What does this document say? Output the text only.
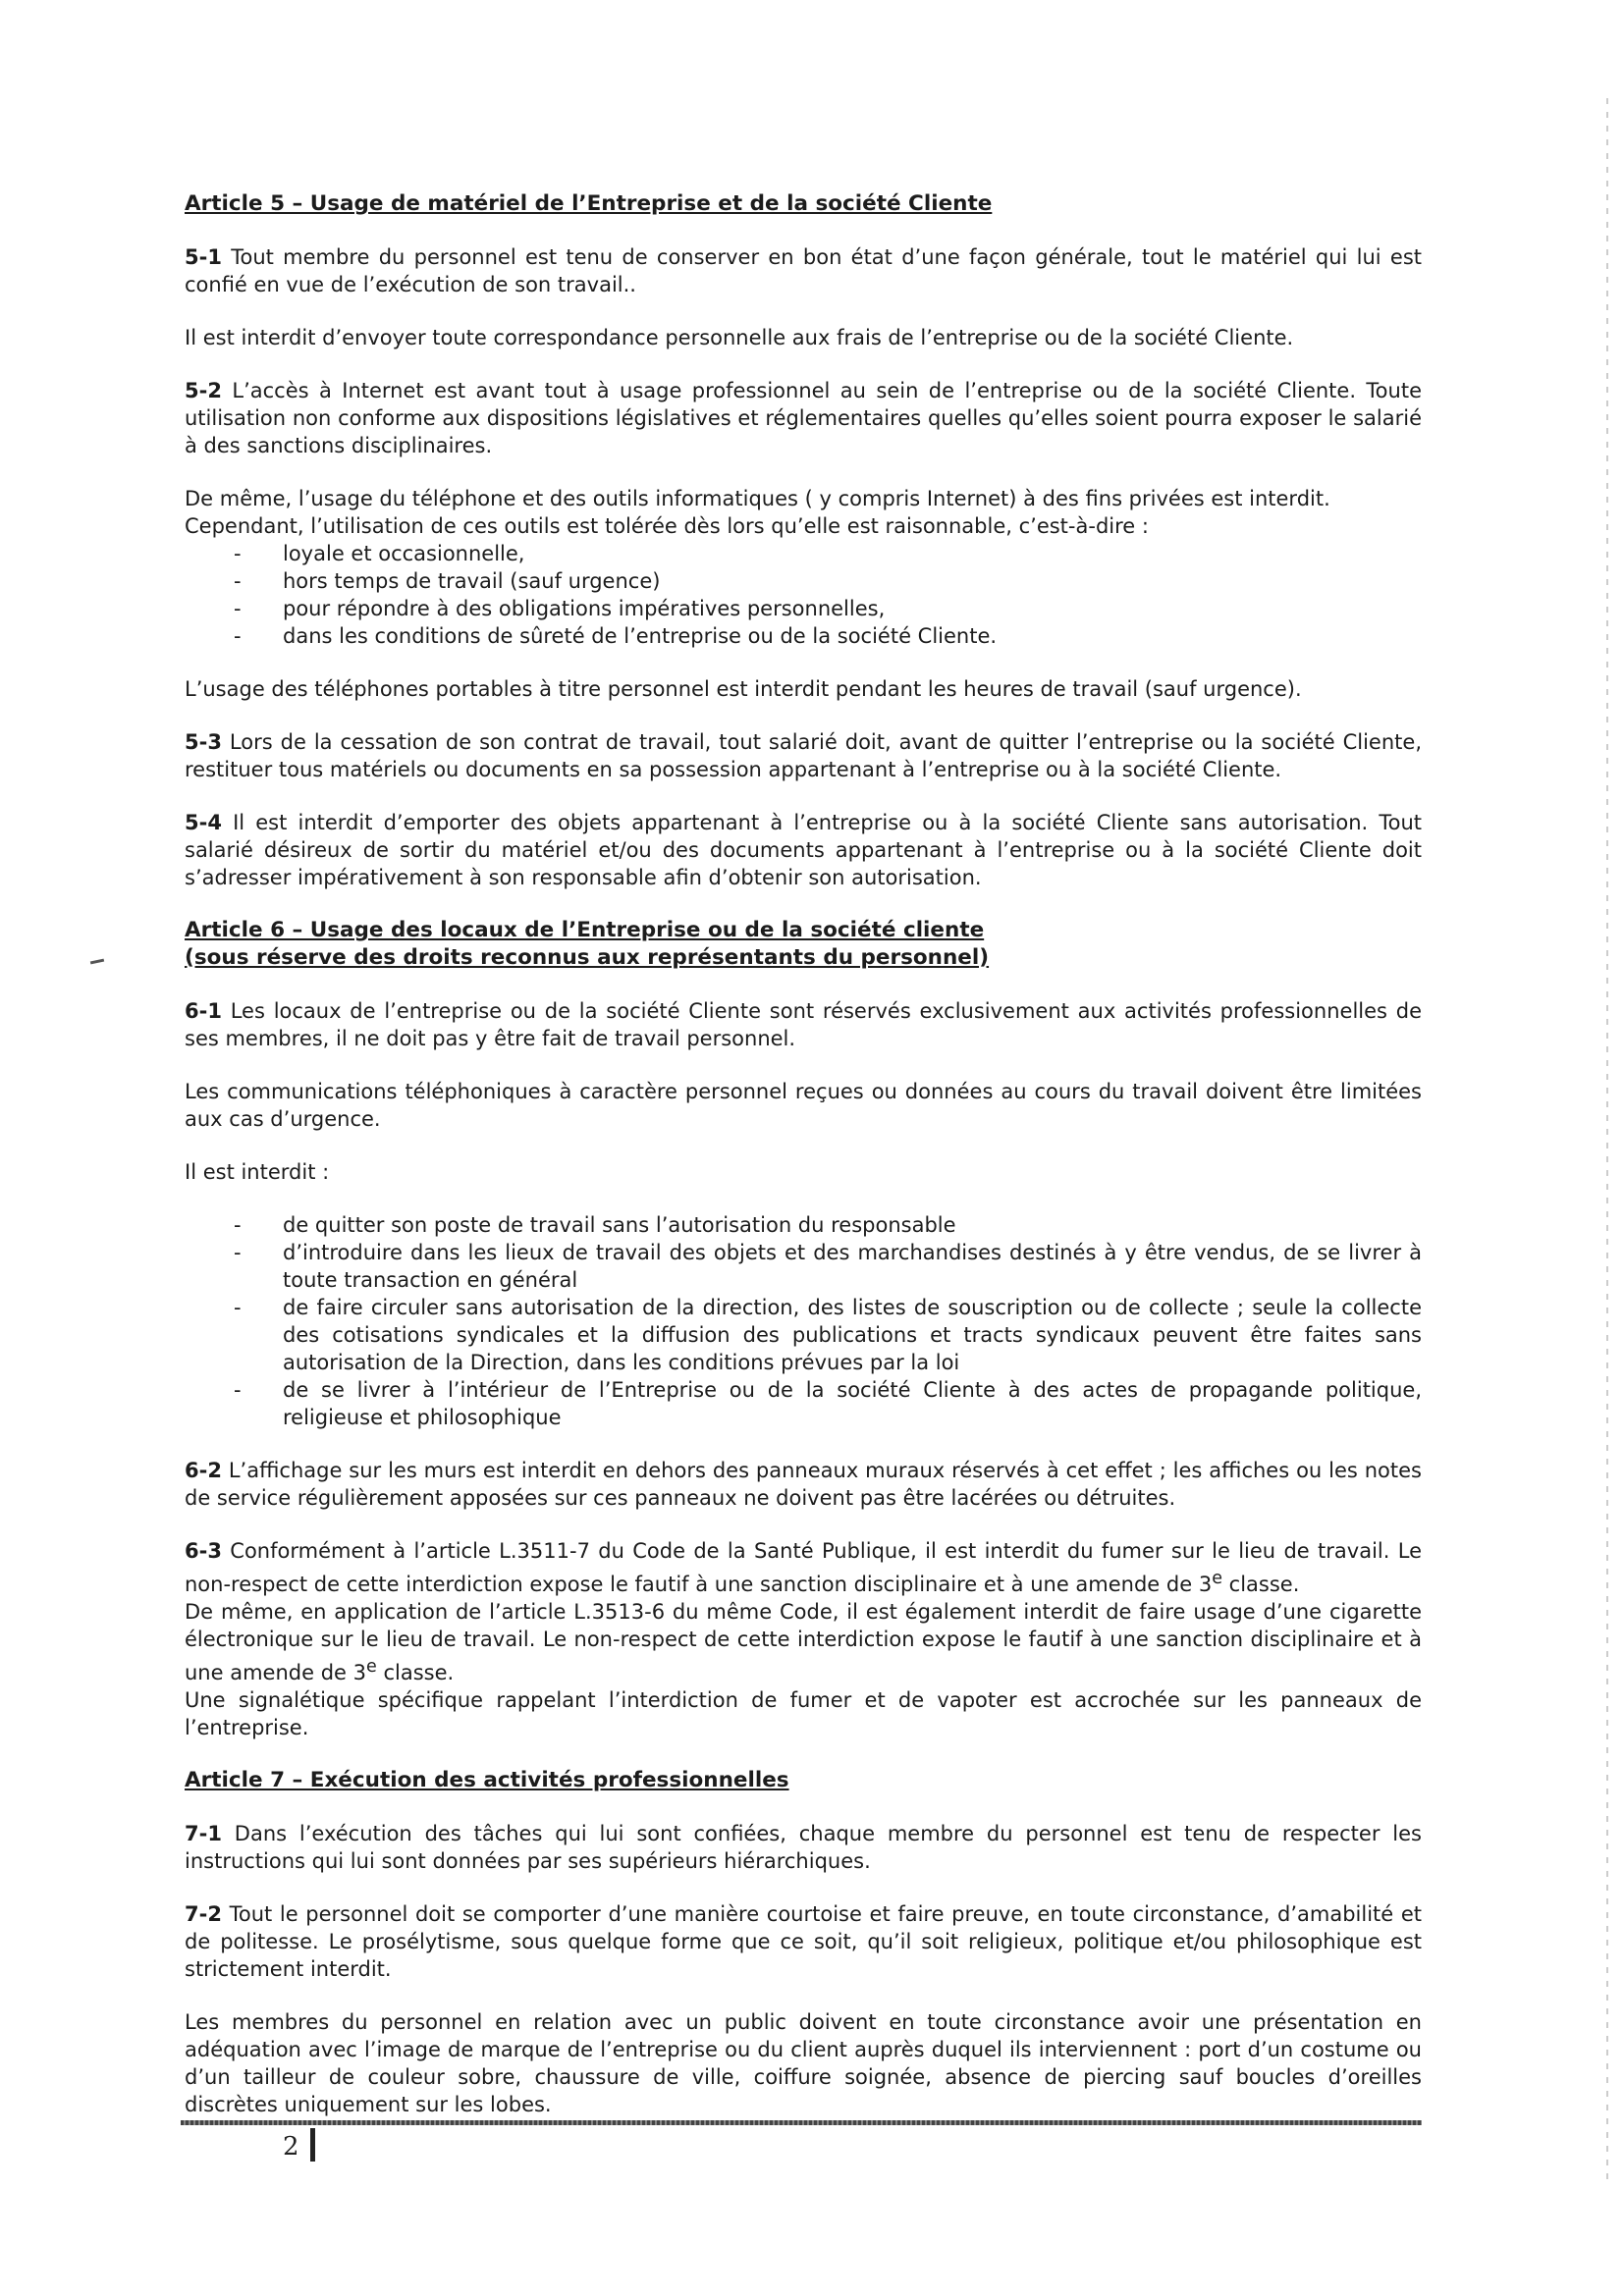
Article 5 – Usage de matériel de l’Entreprise et de la société Cliente

5-1 Tout membre du personnel est tenu de conserver en bon état d’une façon générale, tout le matériel qui lui est confié en vue de l’exécution de son travail..

Il est interdit d’envoyer toute correspondance personnelle aux frais de l’entreprise ou de la société Cliente.

5-2 L’accès à Internet est avant tout à usage professionnel au sein de l’entreprise ou de la société Cliente. Toute utilisation non conforme aux dispositions législatives et réglementaires quelles qu’elles soient pourra exposer le salarié à des sanctions disciplinaires.

De même, l’usage du téléphone et des outils informatiques ( y compris Internet) à des fins privées est interdit.
Cependant, l’utilisation de ces outils est tolérée dès lors qu’elle est raisonnable, c’est-à-dire :
- loyale et occasionnelle,
- hors temps de travail (sauf urgence)
- pour répondre à des obligations impératives personnelles,
- dans les conditions de sûreté de l’entreprise ou de la société Cliente.

L’usage des téléphones portables à titre personnel est interdit pendant les heures de travail (sauf urgence).

5-3 Lors de la cessation de son contrat de travail, tout salarié doit, avant de quitter l’entreprise ou la société Cliente, restituer tous matériels ou documents en sa possession appartenant à l’entreprise ou à la société Cliente.

5-4 Il est interdit d’emporter des objets appartenant à l’entreprise ou à la société Cliente sans autorisation. Tout salarié désireux de sortir du matériel et/ou des documents appartenant à l’entreprise ou à la société Cliente doit s’adresser impérativement à son responsable afin d’obtenir son autorisation.

Article 6 – Usage des locaux de l’Entreprise ou de la société cliente
(sous réserve des droits reconnus aux représentants du personnel)

6-1 Les locaux de l’entreprise ou de la société Cliente sont réservés exclusivement aux activités professionnelles de ses membres, il ne doit pas y être fait de travail personnel.

Les communications téléphoniques à caractère personnel reçues ou données au cours du travail doivent être limitées aux cas d’urgence.

Il est interdit :

- de quitter son poste de travail sans l’autorisation du responsable
- d’introduire dans les lieux de travail des objets et des marchandises destinés à y être vendus, de se livrer à toute transaction en général
- de faire circuler sans autorisation de la direction, des listes de souscription ou de collecte ; seule la collecte des cotisations syndicales et la diffusion des publications et tracts syndicaux peuvent être faites sans autorisation de la Direction, dans les conditions prévues par la loi
- de se livrer à l’intérieur de l’Entreprise ou de la société Cliente à des actes de propagande politique, religieuse et philosophique

6-2 L’affichage sur les murs est interdit en dehors des panneaux muraux réservés à cet effet ; les affiches ou les notes de service régulièrement apposées sur ces panneaux ne doivent pas être lacérées ou détruites.

6-3 Conformément à l’article L.3511-7 du Code de la Santé Publique, il est interdit du fumer sur le lieu de travail. Le non-respect de cette interdiction expose le fautif à une sanction disciplinaire et à une amende de 3e classe.
De même, en application de l’article L.3513-6 du même Code, il est également interdit de faire usage d’une cigarette électronique sur le lieu de travail. Le non-respect de cette interdiction expose le fautif à une sanction disciplinaire et à une amende de 3e classe.
Une signalétique spécifique rappelant l’interdiction de fumer et de vapoter est accrochée sur les panneaux de l’entreprise.

Article 7 – Exécution des activités professionnelles

7-1 Dans l’exécution des tâches qui lui sont confiées, chaque membre du personnel est tenu de respecter les instructions qui lui sont données par ses supérieurs hiérarchiques.

7-2 Tout le personnel doit se comporter d’une manière courtoise et faire preuve, en toute circonstance, d’amabilité et de politesse. Le prosélytisme, sous quelque forme que ce soit, qu’il soit religieux, politique et/ou philosophique est strictement interdit.

Les membres du personnel en relation avec un public doivent en toute circonstance avoir une présentation en adéquation avec l’image de marque de l’entreprise ou du client auprès duquel ils interviennent : port d’un costume ou d’un tailleur de couleur sobre, chaussure de ville, coiffure soignée, absence de piercing sauf boucles d’oreilles discrètes uniquement sur les lobes.

2
